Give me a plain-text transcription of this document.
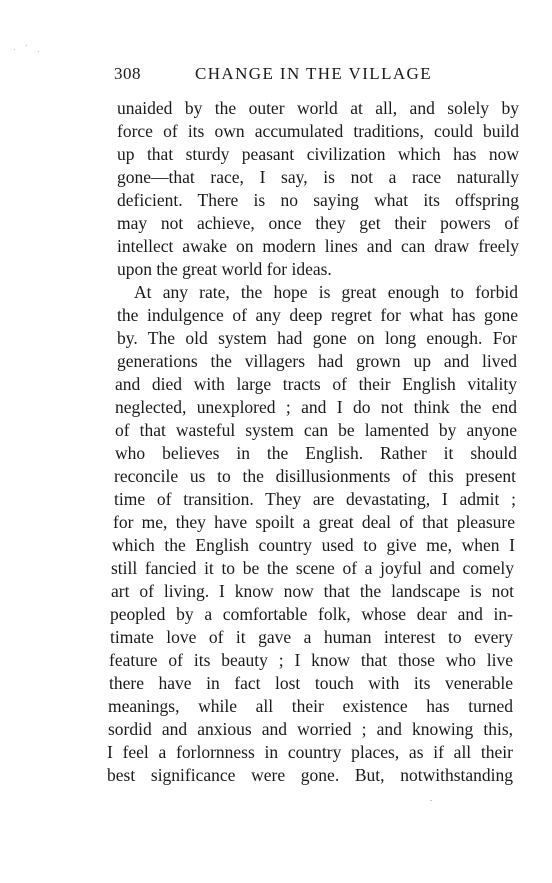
308	CHANGE IN THE VILLAGE
unaided by the outer world at all, and solely by
force of its own accumulated traditions, could build
up that sturdy peasant civilization which has now
gone—that race, I say, is not a race naturally
deficient. There is no saying what its offspring
may not achieve, once they get their powers of
intellect awake on modern lines and can draw freely
upon the great world for ideas.
At any rate, the hope is great enough to forbid
the indulgence of any deep regret for what has gone
by. The old system had gone on long enough. For
generations the villagers had grown up and lived
and died with large tracts of their English vitality
neglected, unexplored ; and I do not think the end
of that wasteful system can be lamented by anyone
who believes in the English. Rather it should
reconcile us to the disillusionments of this present
time of transition. They are devastating, I admit ;
for me, they have spoilt a great deal of that pleasure
which the English country used to give me, when I
still fancied it to be the scene of a joyful and comely
art of living. I know now that the landscape is not
peopled by a comfortable folk, whose dear and in-
timate love of it gave a human interest to every
feature of its beauty ; I know that those who live
there have in fact lost touch with its venerable
meanings, while all their existence has turned
sordid and anxious and worried ; and knowing this,
I feel a forlornness in country places, as if all their
best significance were gone. But, notwithstanding
